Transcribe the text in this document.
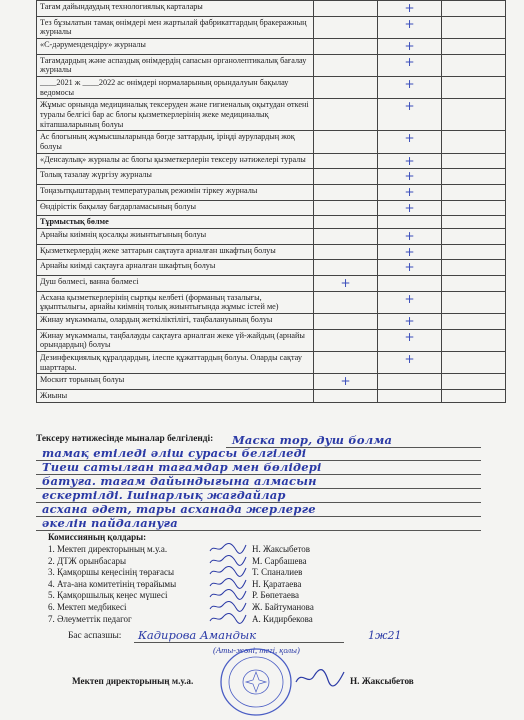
Тағам дайындаудың технологиялық карталары		+	
Тез бұзылатын тамақ өнімдері мен жартылай фабрикаттардың бракеражның журналы		+	
«С-дәрумендендіру» журналы		+	
Тағамдардың және аспаздық өнімдердің сапасын органолептикалық бағалау журналы		+	
____2021 ж ____2022 ас өнімдері нормаларының орындалуын бақылау ведомосы		+	
Жұмыс орнында медициналық тексеруден және гигиеналық оқытудан өткені туралы белгісі бар ас блогы қызметкерлерінің жеке медициналық кітапшаларының болуы		+	
Ас блогының жұмысшыларында бөгде заттардың, іріңді аурулардың жоқ болуы		+	
«Денсаулық» журналы ас блогы қызметкерлерін тексеру нәтижелері туралы		+	
Толық тазалау жүргізу журналы		+	
Тоңазытқыштардың температуралық режимін тіркеу журналы		+	
Өндірістік бақылау бағдарламасының болуы		+	
Тұрмыстық бөлме			
Арнайы киімнің қосалқы жиынтығының болуы		+	
Қызметкерлердің жеке заттарын сақтауға арналған шкафтың болуы		+	
Арнайы киімді сақтауға арналған шкафтың болуы		+	
Душ бөлмесі, ванна бөлмесі	+		
Асхана қызметкерлерінің сыртқы келбеті (форманың тазалығы, ұқыптылығы, арнайы киімнің толық жиынтығында жұмыс істей ме)		+	
Жинау мүкәммалы, олардың жеткіліктілігі, таңбалануының болуы		+	
Жинау мүкәммалы, таңбалауды сақтауға арналған жеке үй-жайдың (арнайы орындардың) болуы		+	
Дезинфекциялық құралдардың, ілеспе құжаттардың болуы. Оларды сақтау шарттары.		+	
Москит торының болуы	+		
Жиыны			
Тексеру нәтижесінде мыналар белгіленді: Маскa тор, душ болмa
тамақ етіледі әліш сурасы белгіледі
Тиеш сатылған тағамдар мен бөлідері
батуға. тағам дайындығына алмасын
ескертілді. Ішінарлық жағдайлар
асхана әдет, тары асханада жерлерге
әкелін пайдалануға
Комиссияның қолдары:
1. Мектеп директорының м.у.а.	Н. Жаксыбетов
2. ДТЖ орынбасары	М. Сарбашева
3. Қамқоршы кеңесінің төрағасы	Т. Спаналиев
4. Ата-ана комитетінің төрайымы	Н. Қаратаева
5. Қамқоршылық кеңес мүшесі	Р. Бөпетаева
6. Мектеп медбикесі	Ж. Байтуманова
7. Әлеуметтік педагог	А. Кидирбекова
Бас аспазшы: Кадирова Амандык	1ж21
(Аты-жөні, тегі, қолы)
Мектеп директорының м.у.а.	Н. Жаксыбетов
